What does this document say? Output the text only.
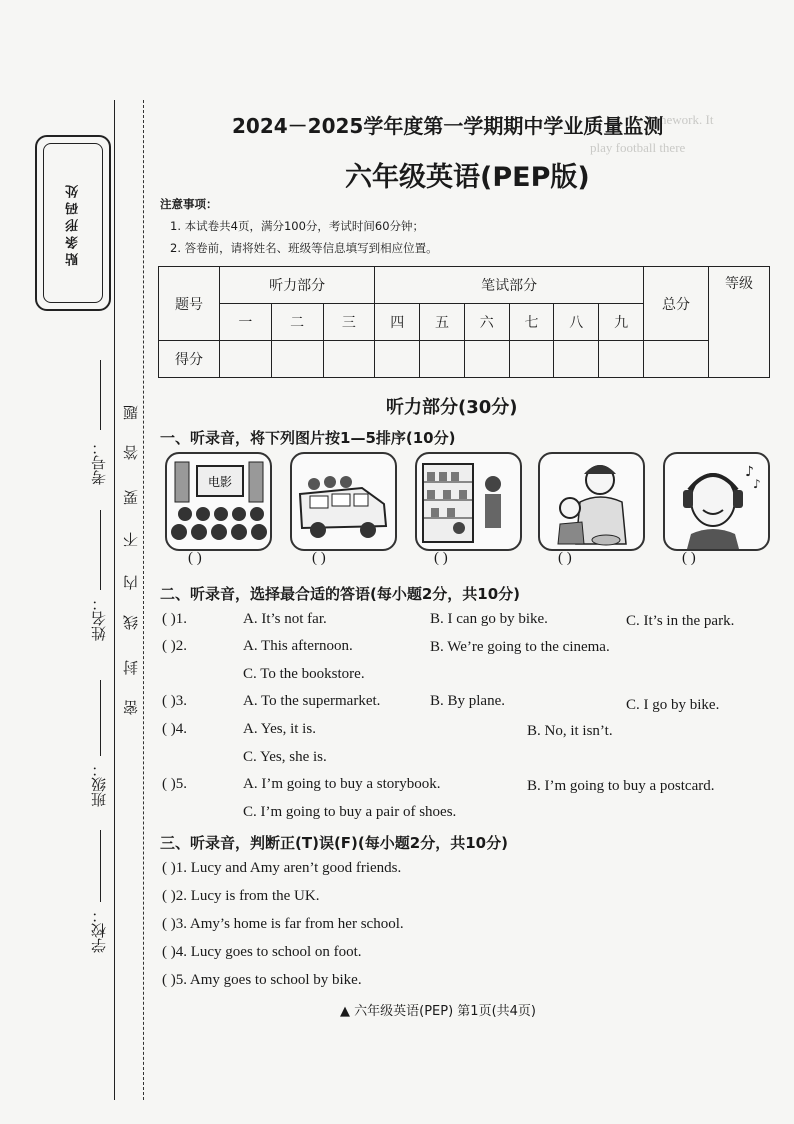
nework. It
play football there
贴条形码处
考号：
姓名：
班级：
学校：
题
答
要
不
内
线
封
密
2024－2025学年度第一学期期中学业质量监测
六年级英语(PEP版)
注意事项：
1. 本试卷共4页，满分100分，考试时间60分钟；
2. 答卷前，请将姓名、班级等信息填写到相应位置。
题号	听力部分			笔试部分						总分	等级
	一	二	三	四	五	六	七	八	九		
得分											
听力部分(30分)
一、听录音，将下列图片按1—5排序(10分)
电影
♪
♪
( )	( )	( )	( )	( )
二、听录音，选择最合适的答语(每小题2分，共10分)
( )1.	A. It’s not far.	B. I can go by bike.	C. It’s in the park.
( )2.	A. This afternoon.	B. We’re going to the cinema.
C. To the bookstore.
( )3.	A. To the supermarket.	B. By plane.	C. I go by bike.
( )4.	A. Yes, it is.	B. No, it isn’t.
C. Yes, she is.
( )5.	A. I’m going to buy a storybook.	B. I’m going to buy a postcard.
C. I’m going to buy a pair of shoes.
三、听录音，判断正(T)误(F)(每小题2分，共10分)
( )1. Lucy and Amy aren’t good friends.
( )2. Lucy is from the UK.
( )3. Amy’s home is far from her school.
( )4. Lucy goes to school on foot.
( )5. Amy goes to school by bike.
▲ 六年级英语(PEP) 第1页(共4页)
